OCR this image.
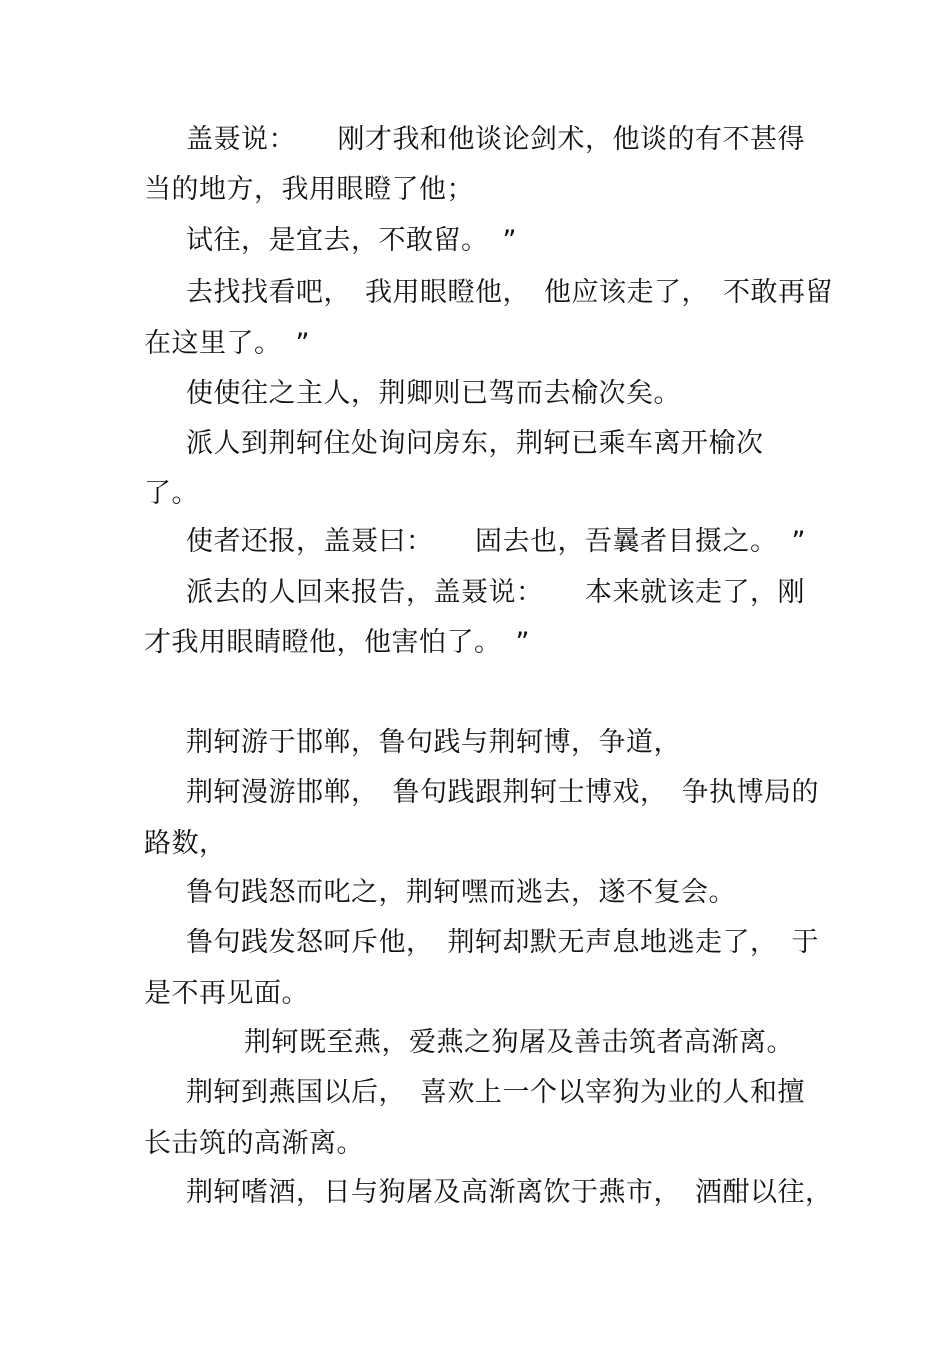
盖聂说：　　刚才我和他谈论剑术，他谈的有不甚得
当的地方，我用眼瞪了他；
试往，是宜去，不敢留。　”
去找找看吧，　我用眼瞪他，　他应该走了，　不敢再留
在这里了。　”
使使往之主人，荆卿则已驾而去榆次矣。
派人到荆轲住处询问房东，荆轲已乘车离开榆次
了。
使者还报，盖聂曰：　　固去也，吾曩者目摄之。　”
派去的人回来报告，盖聂说：　　本来就该走了，刚
才我用眼睛瞪他，他害怕了。　”
荆轲游于邯郸，鲁句践与荆轲博，争道，
荆轲漫游邯郸，　鲁句践跟荆轲士博戏，　争执博局的
路数，
鲁句践怒而叱之，荆轲嘿而逃去，遂不复会。
鲁句践发怒呵斥他，　荆轲却默无声息地逃走了，　于
是不再见面。
荆轲既至燕，爱燕之狗屠及善击筑者高渐离。
荆轲到燕国以后，　喜欢上一个以宰狗为业的人和擅
长击筑的高渐离。
荆轲嗜酒，日与狗屠及高渐离饮于燕市，　酒酣以往，
